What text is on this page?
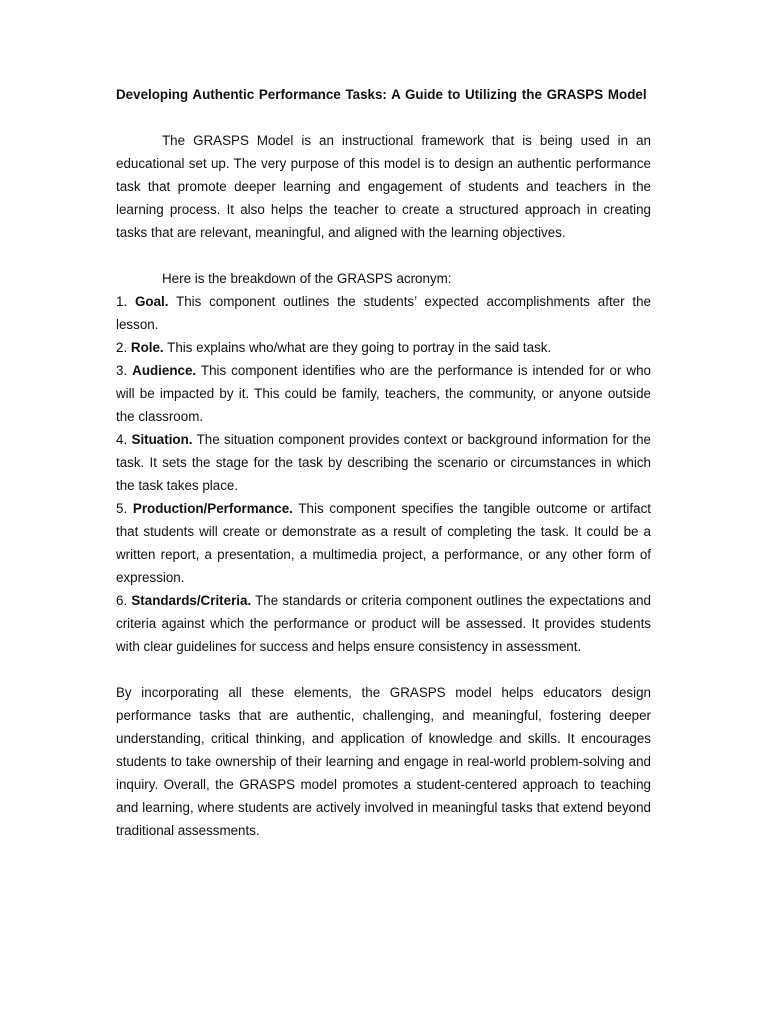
Developing Authentic Performance Tasks: A Guide to Utilizing the GRASPS Model

The GRASPS Model is an instructional framework that is being used in an educational set up. The very purpose of this model is to design an authentic performance task that promote deeper learning and engagement of students and teachers in the learning process. It also helps the teacher to create a structured approach in creating tasks that are relevant, meaningful, and aligned with the learning objectives.

Here is the breakdown of the GRASPS acronym:

1. Goal. This component outlines the students’ expected accomplishments after the lesson.

2. Role. This explains who/what are they going to portray in the said task.

3. Audience. This component identifies who are the performance is intended for or who will be impacted by it. This could be family, teachers, the community, or anyone outside the classroom.

4. Situation. The situation component provides context or background information for the task. It sets the stage for the task by describing the scenario or circumstances in which the task takes place.

5. Production/Performance. This component specifies the tangible outcome or artifact that students will create or demonstrate as a result of completing the task. It could be a written report, a presentation, a multimedia project, a performance, or any other form of expression.

6. Standards/Criteria. The standards or criteria component outlines the expectations and criteria against which the performance or product will be assessed. It provides students with clear guidelines for success and helps ensure consistency in assessment.

By incorporating all these elements, the GRASPS model helps educators design performance tasks that are authentic, challenging, and meaningful, fostering deeper understanding, critical thinking, and application of knowledge and skills. It encourages students to take ownership of their learning and engage in real-world problem-solving and inquiry. Overall, the GRASPS model promotes a student-centered approach to teaching and learning, where students are actively involved in meaningful tasks that extend beyond traditional assessments.
